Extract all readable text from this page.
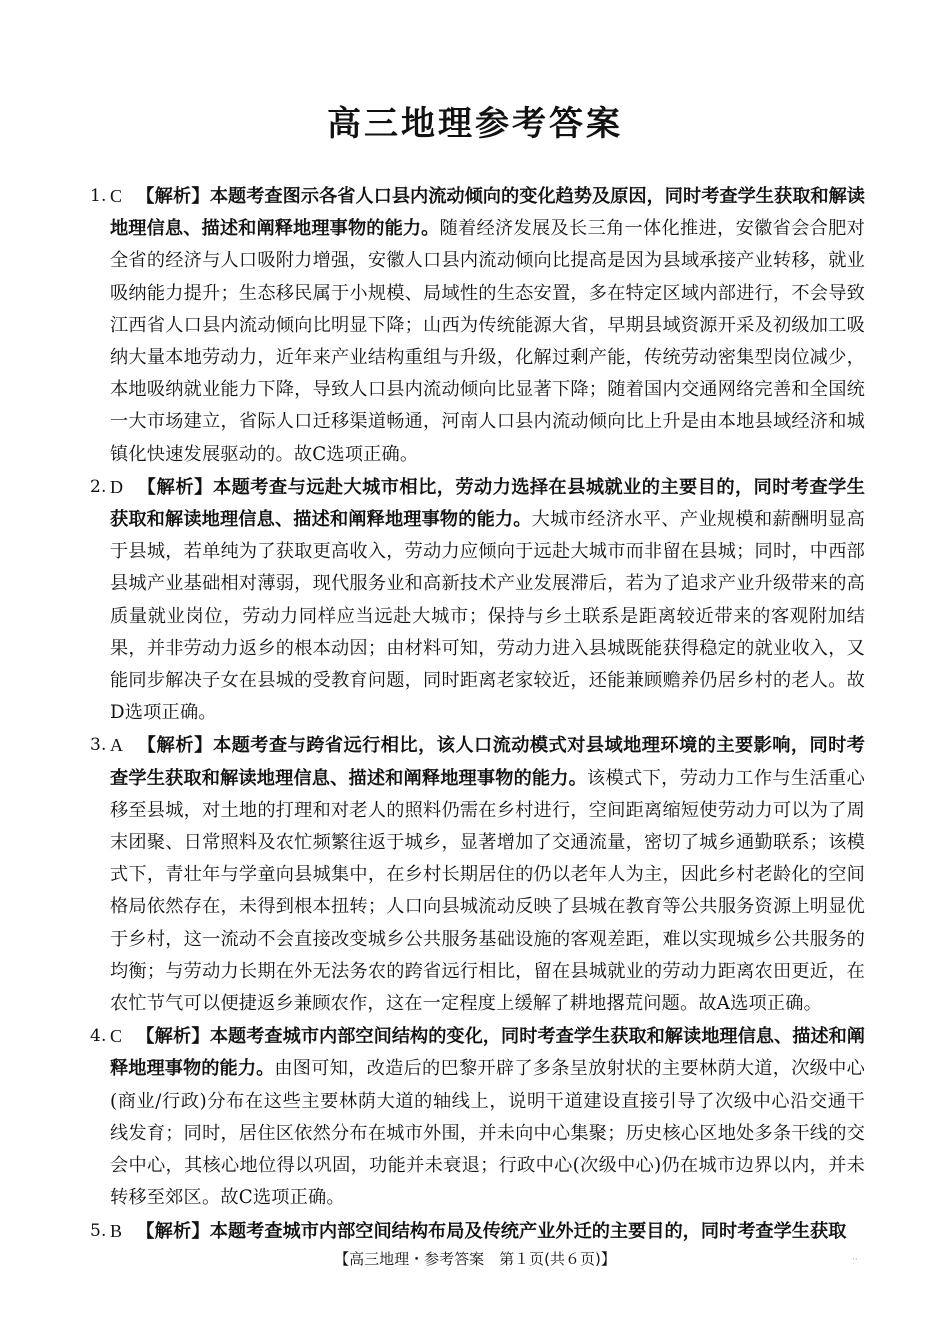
高三地理参考答案
1. C 【解析】本题考查图示各省人口县内流动倾向的变化趋势及原因，同时考查学生获取和解读地理信息、描述和阐释地理事物的能力。随着经济发展及长三角一体化推进，安徽省会合肥对全省的经济与人口吸附力增强，安徽人口县内流动倾向比提高是因为县域承接产业转移，就业吸纳能力提升；生态移民属于小规模、局域性的生态安置，多在特定区域内部进行，不会导致江西省人口县内流动倾向比明显下降；山西为传统能源大省，早期县域资源开采及初级加工吸纳大量本地劳动力，近年来产业结构重组与升级，化解过剩产能，传统劳动密集型岗位减少，本地吸纳就业能力下降，导致人口县内流动倾向比显著下降；随着国内交通网络完善和全国统一大市场建立，省际人口迁移渠道畅通，河南人口县内流动倾向比上升是由本地县域经济和城镇化快速发展驱动的。故C选项正确。
2. D 【解析】本题考查与远赴大城市相比，劳动力选择在县城就业的主要目的，同时考查学生获取和解读地理信息、描述和阐释地理事物的能力。大城市经济水平、产业规模和薪酬明显高于县城，若单纯为了获取更高收入，劳动力应倾向于远赴大城市而非留在县城；同时，中西部县城产业基础相对薄弱，现代服务业和高新技术产业发展滞后，若为了追求产业升级带来的高质量就业岗位，劳动力同样应当远赴大城市；保持与乡土联系是距离较近带来的客观附加结果，并非劳动力返乡的根本动因；由材料可知，劳动力进入县城既能获得稳定的就业收入，又能同步解决子女在县城的受教育问题，同时距离老家较近，还能兼顾赡养仍居乡村的老人。故D选项正确。
3. A 【解析】本题考查与跨省远行相比，该人口流动模式对县域地理环境的主要影响，同时考查学生获取和解读地理信息、描述和阐释地理事物的能力。该模式下，劳动力工作与生活重心移至县城，对土地的打理和对老人的照料仍需在乡村进行，空间距离缩短使劳动力可以为了周末团聚、日常照料及农忙频繁往返于城乡，显著增加了交通流量，密切了城乡通勤联系；该模式下，青壮年与学童向县城集中，在乡村长期居住的仍以老年人为主，因此乡村老龄化的空间格局依然存在，未得到根本扭转；人口向县城流动反映了县城在教育等公共服务资源上明显优于乡村，这一流动不会直接改变城乡公共服务基础设施的客观差距，难以实现城乡公共服务的均衡；与劳动力长期在外无法务农的跨省远行相比，留在县城就业的劳动力距离农田更近，在农忙节气可以便捷返乡兼顾农作，这在一定程度上缓解了耕地撂荒问题。故A选项正确。
4. C 【解析】本题考查城市内部空间结构的变化，同时考查学生获取和解读地理信息、描述和阐释地理事物的能力。由图可知，改造后的巴黎开辟了多条呈放射状的主要林荫大道，次级中心(商业/行政)分布在这些主要林荫大道的轴线上，说明干道建设直接引导了次级中心沿交通干线发育；同时，居住区依然分布在城市外围，并未向中心集聚；历史核心区地处多条干线的交会中心，其核心地位得以巩固，功能并未衰退；行政中心(次级中心)仍在城市边界以内，并未转移至郊区。故C选项正确。
5. B 【解析】本题考查城市内部空间结构布局及传统产业外迁的主要目的，同时考查学生获取
【高三地理・参考答案　第１页(共６页)】	··
